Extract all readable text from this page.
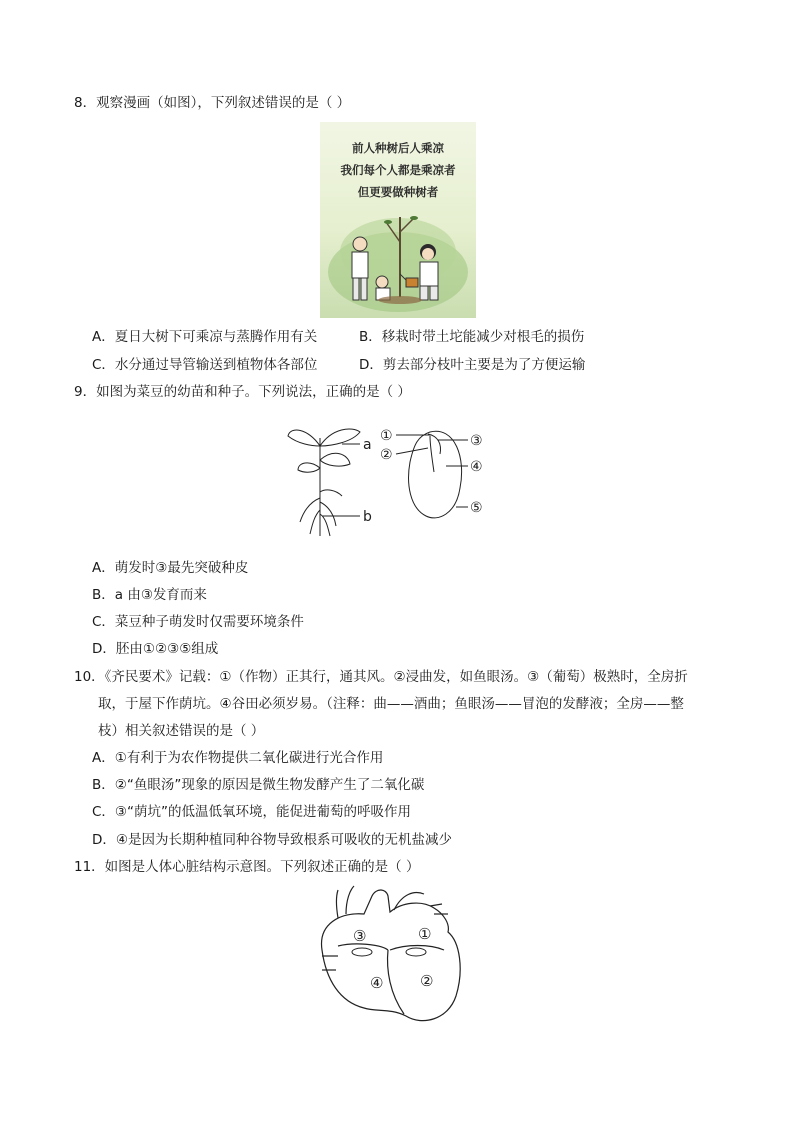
8．观察漫画（如图），下列叙述错误的是（ ）
前人种树后人乘凉
我们每个人都是乘凉者
但更要做种树者
A．夏日大树下可乘凉与蒸腾作用有关	B．移栽时带土坨能减少对根毛的损伤
C．水分通过导管输送到植物体各部位	D．剪去部分枝叶主要是为了方便运输
9．如图为菜豆的幼苗和种子。下列说法，正确的是（ ）
a
b
①
②
③
④
⑤
A．萌发时③最先突破种皮
B．a 由③发育而来
C．菜豆种子萌发时仅需要环境条件
D．胚由①②③⑤组成
10．《齐民要术》记载：①（作物）正其行，通其风。②浸曲发，如鱼眼汤。③（葡萄）极熟时，全房折
取，于屋下作荫坑。④谷田必须岁易。（注释：曲——酒曲；鱼眼汤——冒泡的发酵液；全房——整
枝）相关叙述错误的是（ ）
A．①有利于为农作物提供二氧化碳进行光合作用
B．②“鱼眼汤”现象的原因是微生物发酵产生了二氧化碳
C．③“荫坑”的低温低氧环境，能促进葡萄的呼吸作用
D．④是因为长期种植同种谷物导致根系可吸收的无机盐减少
11．如图是人体心脏结构示意图。下列叙述正确的是（ ）
③	①
②
④
